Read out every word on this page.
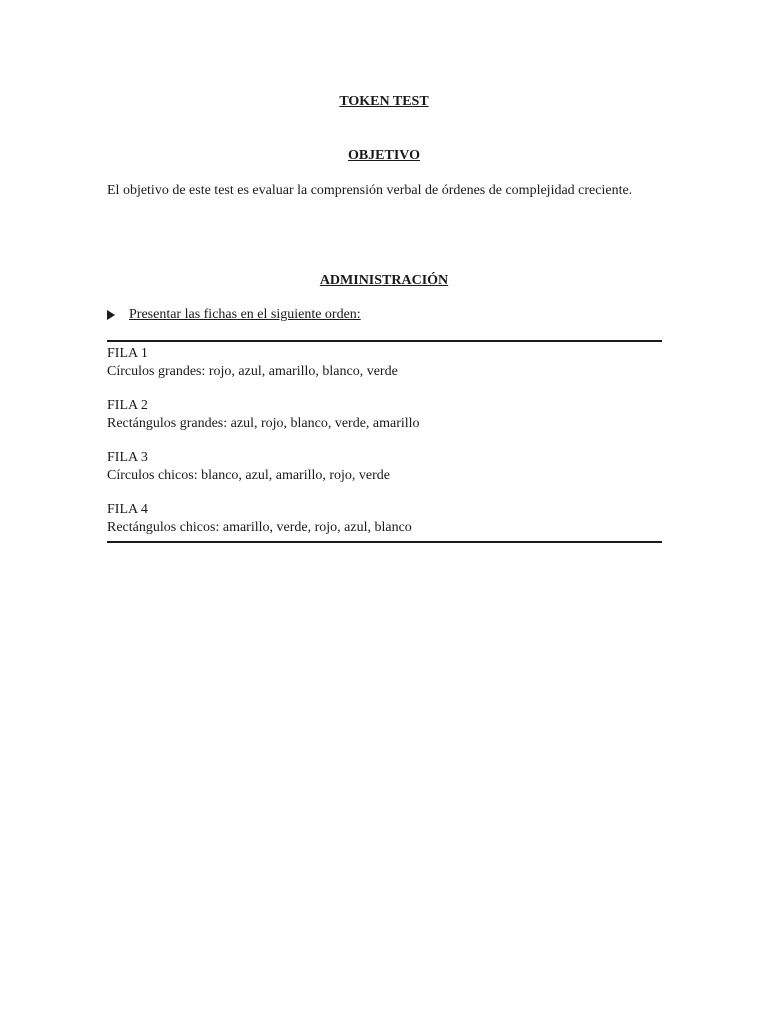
TOKEN TEST
OBJETIVO

El objetivo de este test es evaluar la comprensión verbal de órdenes de complejidad creciente.

ADMINISTRACIÓN
Presentar las fichas en el siguiente orden:
FILA 1
Círculos grandes: rojo, azul, amarillo, blanco, verde
FILA 2
Rectángulos grandes: azul, rojo, blanco, verde, amarillo
FILA 3
Círculos chicos: blanco, azul, amarillo, rojo, verde
FILA 4
Rectángulos chicos: amarillo, verde, rojo, azul, blanco
